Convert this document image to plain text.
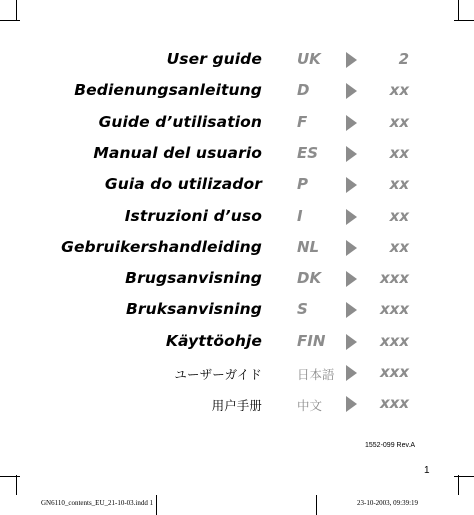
User guide UK	2
Bedienungsanleitung D	xx
Guide d’utilisation F	xx
Manual del usuario ES	xx
Guia do utilizador P	xx
Istruzioni d’uso I	xx
Gebruikershandleiding NL	xx
Brugsanvisning DK	xxx
Bruksanvisning S	xxx
Käyttöohje FIN	xxx
ユーザーガイド	日本語	xxx
用户手册	中文	xxx
1552-099 Rev.A
1
GN6110_contents_EU_21-10-03.indd 1	23-10-2003, 09:39:19
